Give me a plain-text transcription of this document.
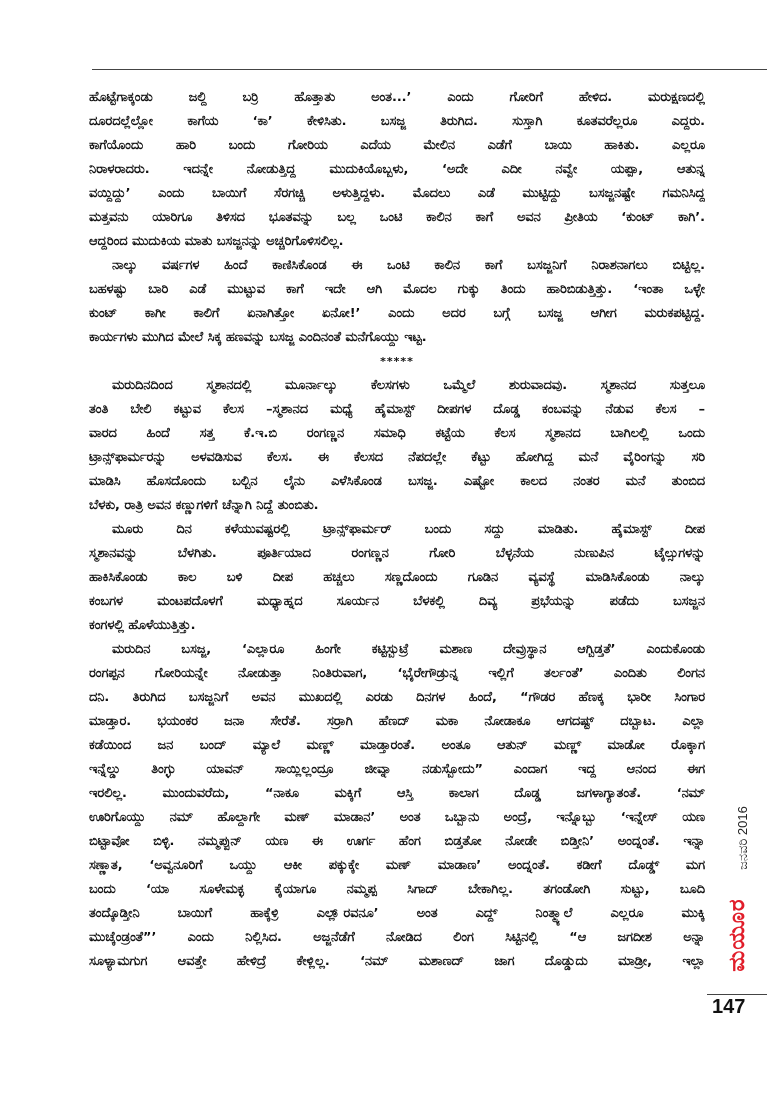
ಹೊಟ್ಟೆಗಾಕ್ಕಂಡು ಜಲ್ದಿ ಬರ್ರಿ ಹೊತ್ತಾತು ಅಂತ...’ ಎಂದು ಗೋರಿಗೆ ಹೇಳಿದ. ಮರುಕ್ಷಣದಲ್ಲಿ
ದೂರದಲ್ಲೆಲ್ಲೋ ಕಾಗೆಯ ‘ಕಾ’ ಕೇಳಿಸಿತು. ಬಸಜ್ಜ ತಿರುಗಿದ. ಸುಸ್ತಾಗಿ ಕೂತವರೆಲ್ಲರೂ ಎದ್ದರು.
ಕಾಗೆಯೊಂದು ಹಾರಿ ಬಂದು ಗೋರಿಯ ಎದೆಯ ಮೇಲಿನ ಎಡೆಗೆ ಬಾಯಿ ಹಾಕಿತು. ಎಲ್ಲರೂ
ನಿರಾಳರಾದರು. ಇದನ್ನೇ ನೋಡುತ್ತಿದ್ದ ಮುದುಕಿಯೊಬ್ಬಳು, ‘ಅದೇ ಎದೀ ನವ್ವೇ ಯಪ್ಪಾ, ಆತುನ್ನ
ವಯ್ದಿದ್ದು’ ಎಂದು ಬಾಯಿಗೆ ಸೆರಗಚ್ಚಿ ಅಳುತ್ತಿದ್ದಳು. ಮೊದಲು ಎಡೆ ಮುಟ್ಟಿದ್ದು ಬಸಜ್ಜನಷ್ಟೇ ಗಮನಿಸಿದ್ದ
ಮತ್ತವನು ಯಾರಿಗೂ ತಿಳಿಸದ ಭೂತವನ್ನು ಬಲ್ಲ ಒಂಟಿ ಕಾಲಿನ ಕಾಗೆ ಅವನ ಪ್ರೀತಿಯ ‘ಕುಂಟ್ ಕಾಗಿ’.
ಆದ್ದರಿಂದ ಮುದುಕಿಯ ಮಾತು ಬಸಜ್ಜನನ್ನು ಅಚ್ಚರಿಗೊಳಿಸಲಿಲ್ಲ.
ನಾಲ್ಕು ವರ್ಷಗಳ ಹಿಂದೆ ಕಾಣಿಸಿಕೊಂಡ ಈ ಒಂಟಿ ಕಾಲಿನ ಕಾಗೆ ಬಸಜ್ಜನಿಗೆ ನಿರಾಶನಾಗಲು ಬಿಟ್ಟಿಲ್ಲ.
ಬಹಳಷ್ಟು ಬಾರಿ ಎಡೆ ಮುಟ್ಟುವ ಕಾಗೆ ಇದೇ ಆಗಿ ಮೊದಲ ಗುಕ್ಕು ತಿಂದು ಹಾರಿಬಿಡುತ್ತಿತ್ತು. ‘ಇಂತಾ ಒಳ್ಳೇ
ಕುಂಟ್ ಕಾಗೀ ಕಾಲಿಗೆ ಏನಾಗಿತ್ತೋ ಏನೋ!’ ಎಂದು ಅದರ ಬಗ್ಗೆ ಬಸಜ್ಜ ಆಗೀಗ ಮರುಕಪಟ್ಟಿದ್ದ.
ಕಾರ್ಯಗಳು ಮುಗಿದ ಮೇಲೆ ಸಿಕ್ಕ ಹಣವನ್ನು ಬಸಜ್ಜ ಎಂದಿನಂತೆ ಮನೆಗೊಯ್ದು ಇಟ್ಟ.
*****
ಮರುದಿನದಿಂದ ಸ್ಮಶಾನದಲ್ಲಿ ಮೂರ್ನಾಲ್ಕು ಕೆಲಸಗಳು ಒಮ್ಮೆಲೆ ಶುರುವಾದವು. ಸ್ಮಶಾನದ ಸುತ್ತಲೂ
ತಂತಿ ಬೇಲಿ ಕಟ್ಟುವ ಕೆಲಸ –ಸ್ಮಶಾನದ ಮಧ್ಯೆ ಹೈಮಾಸ್ಟ್ ದೀಪಗಳ ದೊಡ್ಡ ಕಂಬವನ್ನು ನೆಡುವ ಕೆಲಸ –
ವಾರದ ಹಿಂದೆ ಸತ್ತ ಕೆ.ಇ.ಬಿ ರಂಗಣ್ಣನ ಸಮಾಧಿ ಕಟ್ಟೆಯ ಕೆಲಸ ಸ್ಮಶಾನದ ಬಾಗಿಲಲ್ಲಿ ಒಂದು
ಟ್ರಾನ್ಸ್‌ಫಾರ್ಮರನ್ನು ಅಳವಡಿಸುವ ಕೆಲಸ. ಈ ಕೆಲಸದ ನೆಪದಲ್ಲೇ ಕೆಟ್ಟು ಹೋಗಿದ್ದ ಮನೆ ವೈರಿಂಗನ್ನು ಸರಿ
ಮಾಡಿಸಿ ಹೊಸದೊಂದು ಬಲ್ಬಿನ ಲೈನು ಎಳೆಸಿಕೊಂಡ ಬಸಜ್ಜ. ಎಷ್ಟೋ ಕಾಲದ ನಂತರ ಮನೆ ತುಂಬಿದ
ಬೆಳಕು, ರಾತ್ರಿ ಅವನ ಕಣ್ಣುಗಳಿಗೆ ಚೆನ್ನಾಗಿ ನಿದ್ದೆ ತುಂಬಿತು.
ಮೂರು ದಿನ ಕಳೆಯುವಷ್ಟರಲ್ಲಿ ಟ್ರಾನ್ಸ್‌ಫಾರ್ಮರ್ ಬಂದು ಸದ್ದು ಮಾಡಿತು. ಹೈಮಾಸ್ಟ್ ದೀಪ
ಸ್ಮಶಾನವನ್ನು ಬೆಳಗಿತು. ಪೂರ್ತಿಯಾದ ರಂಗಣ್ಣನ ಗೋರಿ ಬೆಳ್ಳನೆಯ ನುಣುಪಿನ ಟೈಲ್ಸುಗಳನ್ನು
ಹಾಕಿಸಿಕೊಂಡು ಕಾಲ ಬಳಿ ದೀಪ ಹಚ್ಚಲು ಸಣ್ಣದೊಂದು ಗೂಡಿನ ವ್ಯವಸ್ಥೆ ಮಾಡಿಸಿಕೊಂಡು ನಾಲ್ಕು
ಕಂಬಗಳ ಮಂಟಪದೊಳಗೆ ಮಧ್ಯಾಹ್ನದ ಸೂರ್ಯನ ಬೆಳಕಲ್ಲಿ ದಿವ್ಯ ಪ್ರಭೆಯನ್ನು ಪಡೆದು ಬಸಜ್ಜನ
ಕಂಗಳಲ್ಲಿ ಹೊಳೆಯುತ್ತಿತ್ತು.
ಮರುದಿನ ಬಸಜ್ಜ, ‘ಎಲ್ಲಾರೂ ಹಿಂಗೇ ಕಟ್ಟಿಸ್ಬುಟ್ರೆ ಮಶಾಣ ದೇವ್ರುಸ್ಥಾನ ಆಗ್ಬಿಡ್ತತೆ’ ಎಂದುಕೊಂಡು
ರಂಗಪ್ಪನ ಗೋರಿಯನ್ನೇ ನೋಡುತ್ತಾ ನಿಂತಿರುವಾಗ, ‘ಭೈರೇಗೌಡ್ರುನ್ನ ಇಲ್ಲಿಗೆ ತರ್ಲಂತೆ’ ಎಂದಿತು ಲಿಂಗನ
ದನಿ. ತಿರುಗಿದ ಬಸಜ್ಜನಿಗೆ ಅವನ ಮುಖದಲ್ಲಿ ಎರಡು ದಿನಗಳ ಹಿಂದೆ, “ಗೌಡರ ಹೆಣಕ್ಕ ಭಾರೀ ಸಿಂಗಾರ
ಮಾಡ್ತಾರ. ಭಯಂಕರ ಜನಾ ಸೇರೆತೆ. ಸರ್ರಾಗಿ ಹೆಣದ್ ಮಕಾ ನೋಡಾಕೂ ಆಗದಷ್ಟ್ ದಬ್ಬಾಟ. ಎಲ್ಲಾ
ಕಡೆಯಿಂದ ಜನ ಬಂದ್ ಮ್ಯಾಲೆ ಮಣ್ಣ್ ಮಾಡ್ತಾರಂತೆ. ಅಂತೂ ಆತುನ್ ಮಣ್ಣ್ ಮಾಡೋ ರೊಕ್ಕಾಗ
ಇನ್ನೆಲ್ಡು ತಿಂಗ್ಳು ಯಾವನ್ ಸಾಯ್ಲಿಲ್ಲಂದ್ರೂ ಜೀವ್ನಾ ನಡುಸ್ಬೋದು” ಎಂದಾಗ ಇದ್ದ ಆನಂದ ಈಗ
ಇರಲಿಲ್ಲ. ಮುಂದುವರೆದು, “ನಾಕೂ ಮಕ್ಕಿಗೆ ಆಸ್ತಿ ಕಾಲಾಗ ದೊಡ್ಡ ಜಗಳಾಗ್ಯಾತಂತೆ. ‘ನಮ್
ಊರಿಗೊಯ್ದು ನಮ್ ಹೊಲ್ದಾಗೇ ಮಣ್ ಮಾಡಾನ’ ಅಂತ ಒಬ್ಬಾನು ಅಂದ್ರೆ, ಇನ್ನೊಬ್ಬು ‘ಇನ್ನೇಸ್ ಯಣ
ಬಿಟ್ಟಾವೋ ಬಿಳ್ಳಿ. ನಮ್ಮಪ್ಪುನ್ ಯಣ ಈ ಊರ್ಗ ಹೆಂಗ ಬಿಡ್ತತೋ ನೋಡೇ ಬಿಡ್ತೀನಿ’ ಅಂದ್ನಂತೆ. ಇನ್ನಾ
ಸಣ್ಣಾತ, ‘ಅವ್ವನೂರಿಗೆ ಒಯ್ದು ಆಕೀ ಪಕ್ಕುಕ್ಕೇ ಮಣ್ ಮಾಡಾಣ’ ಅಂದ್ನಂತೆ. ಕಡೀಗೆ ದೊಡ್ಡ್ ಮಗ
ಬಂದು ‘ಯಾ ಸೂಳೇಮಕ್ಳ ಕೈಯಾಗೂ ನಮ್ಮಪ್ಪ ಸಿಗಾದ್ ಬೇಕಾಗಿಲ್ಲ. ತಗಂಡೋಗಿ ಸುಟ್ಟು, ಬೂದಿ
ತಂದ್ಕೊಡ್ತೀನಿ ಬಾಯಿಗೆ ಹಾಕ್ಕೆಳ್ರಿ ಎಲ್ಲಾ್ರವನೂ’ ಅಂತ ಎದ್ದ್ ನಿಂತ್ಮ್ಯಾಲೆ ಎಲ್ಲರೂ ಮುಕ್ಕಿ
ಮುಚ್ಕೆಂಡ್ರಂತೆ”’ ಎಂದು ನಿಲ್ಲಿಸಿದ. ಅಜ್ಜನೆಡೆಗೆ ನೋಡಿದ ಲಿಂಗ ಸಿಟ್ಟಿನಲ್ಲಿ “ಆ ಜಗದೀಶ ಅನ್ನಾ
ಸೂಳ್ಯಾಮಗುಗ ಆವತ್ತೇ ಹೇಳಿದ್ರೆ ಕೇಳ್ಲಿಲ್ಲ. ‘ನಮ್ ಮಶಾಣದ್ ಜಾಗ ದೊಡ್ಡುದು ಮಾಡ್ರೀ, ಇಲ್ಲಾ
ಜನವರಿ 2016
ಮಯೂರ
147
